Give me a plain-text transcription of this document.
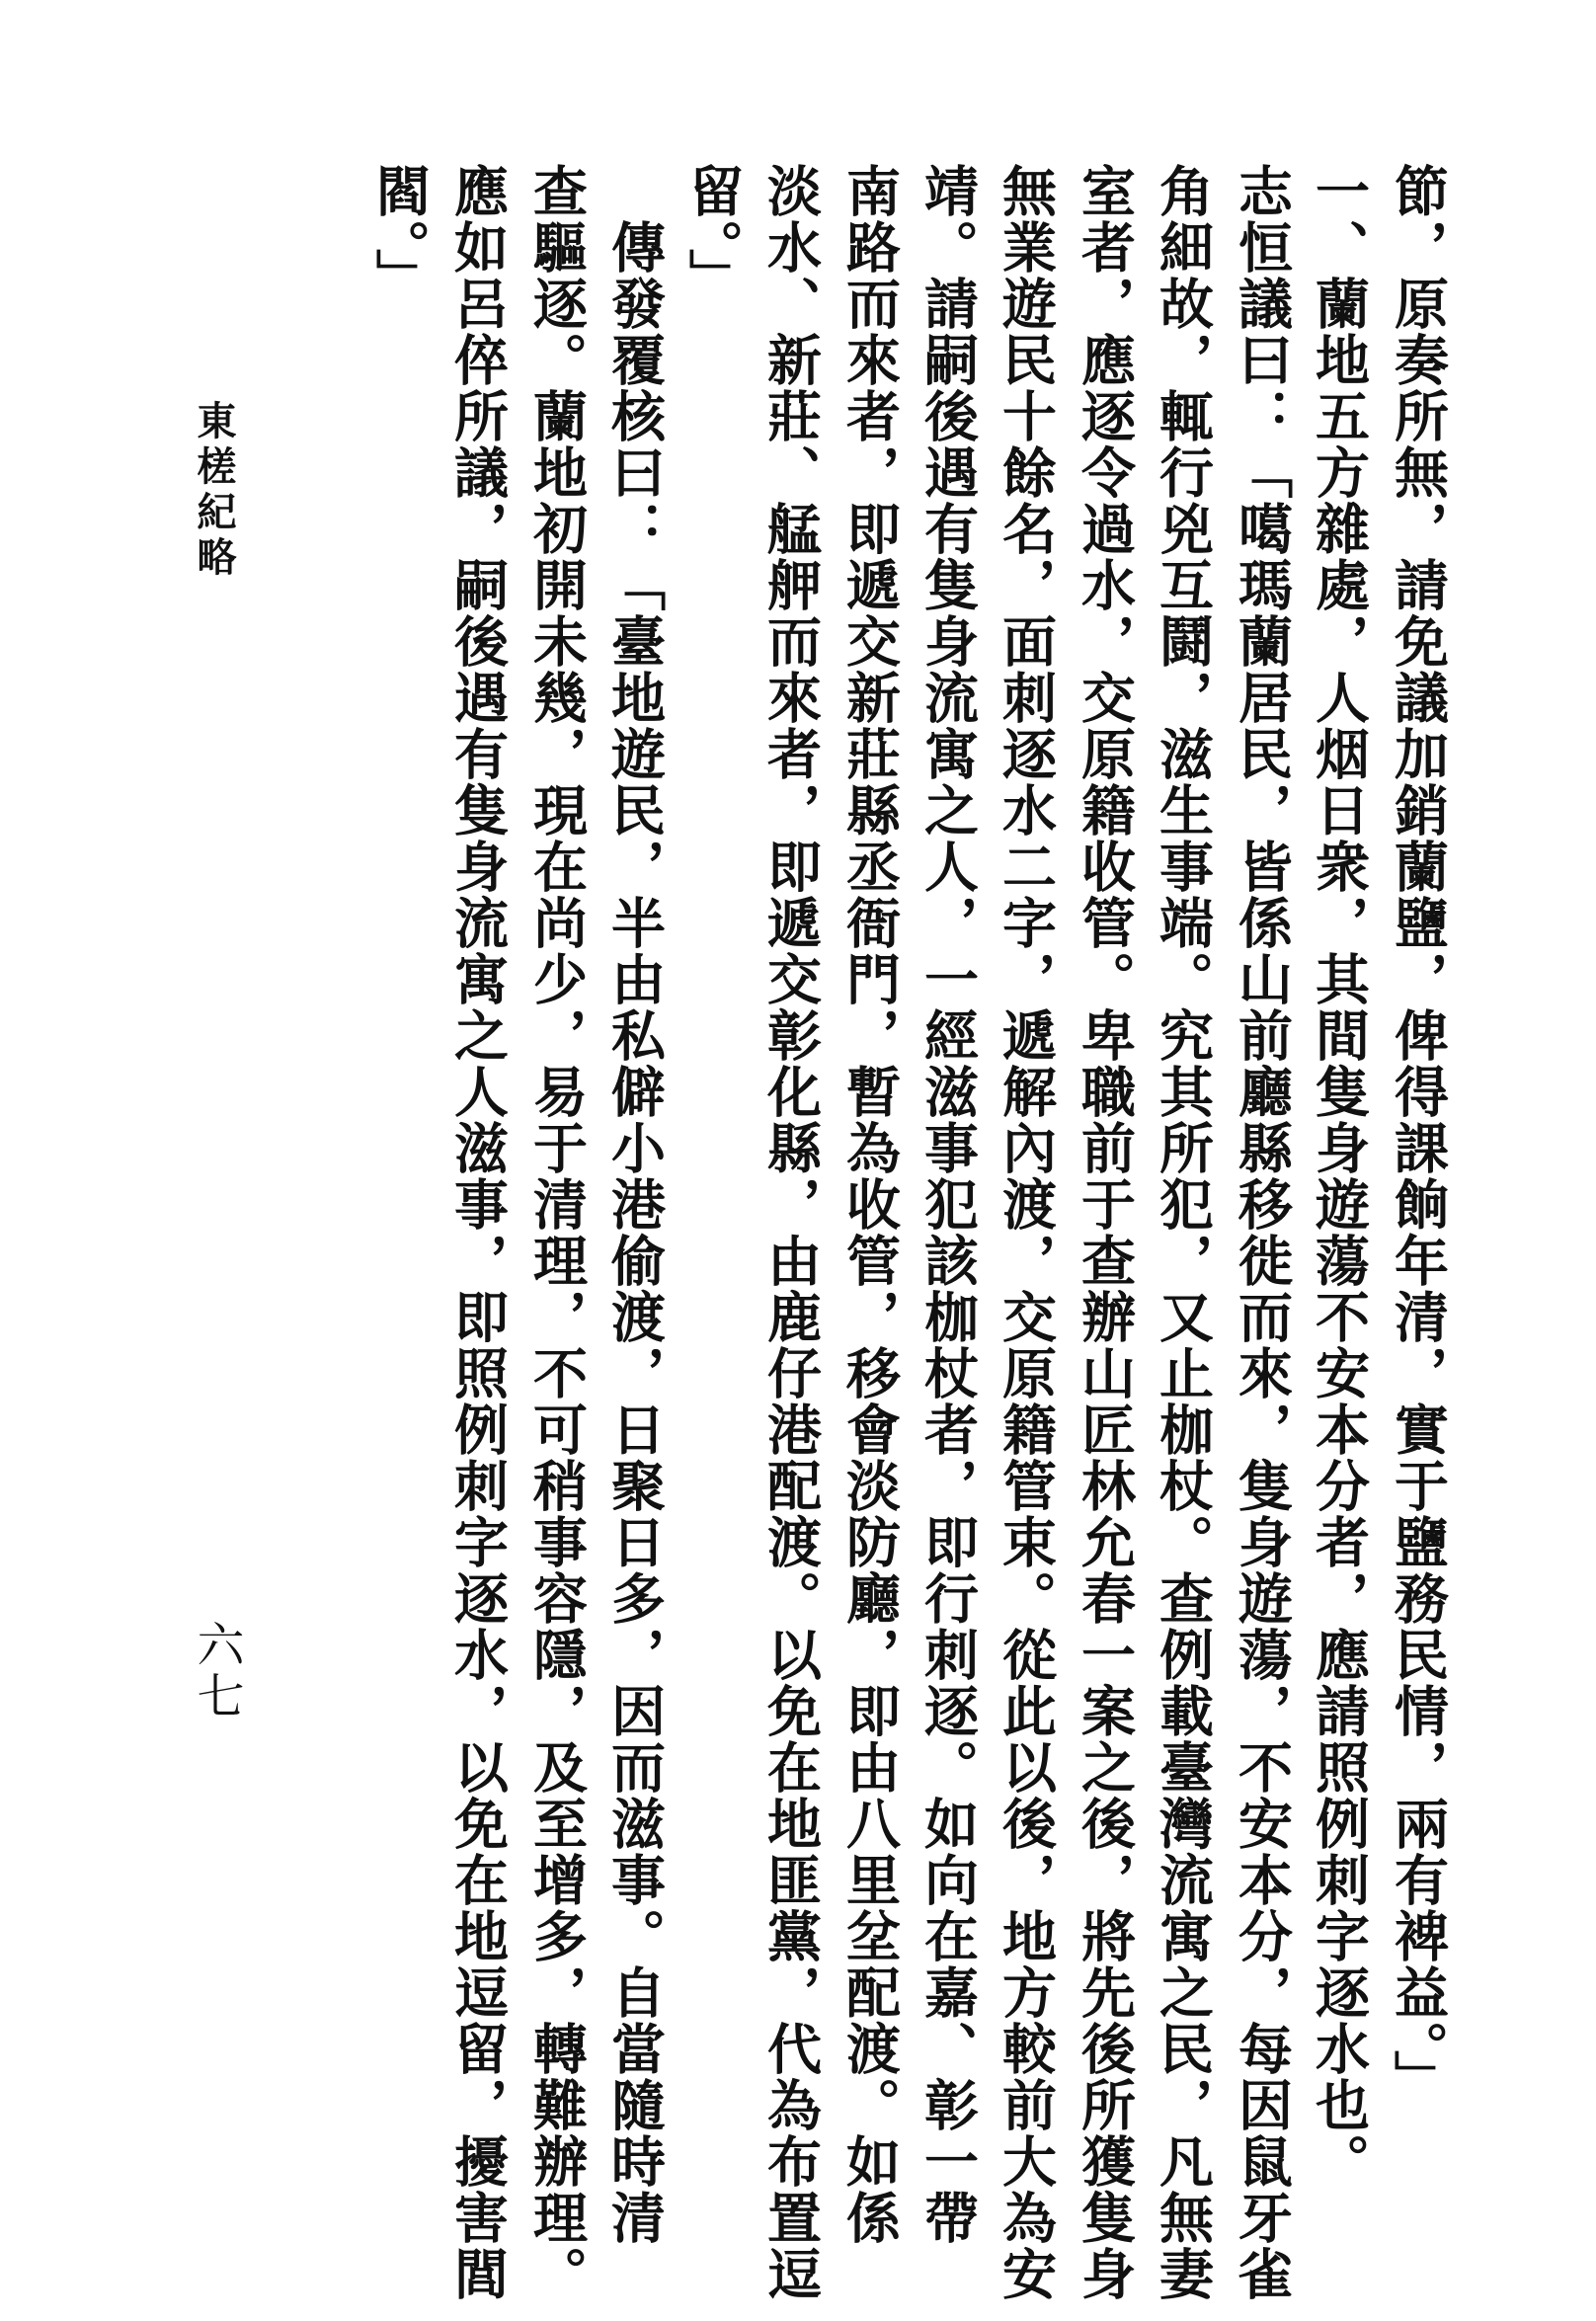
東槎紀略
六七	節，原奏所無，請免議加銷蘭鹽，俾得課餉年清，實于鹽務民情，兩有裨益。」
一、蘭地五方雜處，人烟日衆，其間隻身遊蕩不安本分者，應請照例刺字逐水也。
志恒議曰：「噶瑪蘭居民，皆係山前廳縣移徙而來，隻身遊蕩，不安本分，每因鼠牙雀
角細故，輒行兇互鬪，滋生事端。究其所犯，又止枷杖。查例載臺灣流寓之民，凡無妻
室者，應逐令過水，交原籍收管。卑職前于查辦山匠林允春一案之後，將先後所獲隻身
無業遊民十餘名，面刺逐水二字，遞解內渡，交原籍管束。從此以後，地方較前大為安
靖。請嗣後遇有隻身流寓之人，一經滋事犯該枷杖者，即行刺逐。如向在嘉、彰一帶
南路而來者，即遞交新莊縣丞衙門，暫為收管，移會淡防廳，即由八里坌配渡。如係
淡水、新莊、艋舺而來者，即遞交彰化縣，由鹿仔港配渡。以免在地匪黨，代為布置逗
留。」
　傳發覆核曰：「臺地遊民，半由私僻小港偷渡，日聚日多，因而滋事。自當隨時清
查驅逐。蘭地初開未幾，現在尚少，易于清理，不可稍事容隱，及至增多，轉難辦理。
應如呂倅所議，嗣後遇有隻身流寓之人滋事，即照例刺字逐水，以免在地逗留，擾害閭
閻。」
